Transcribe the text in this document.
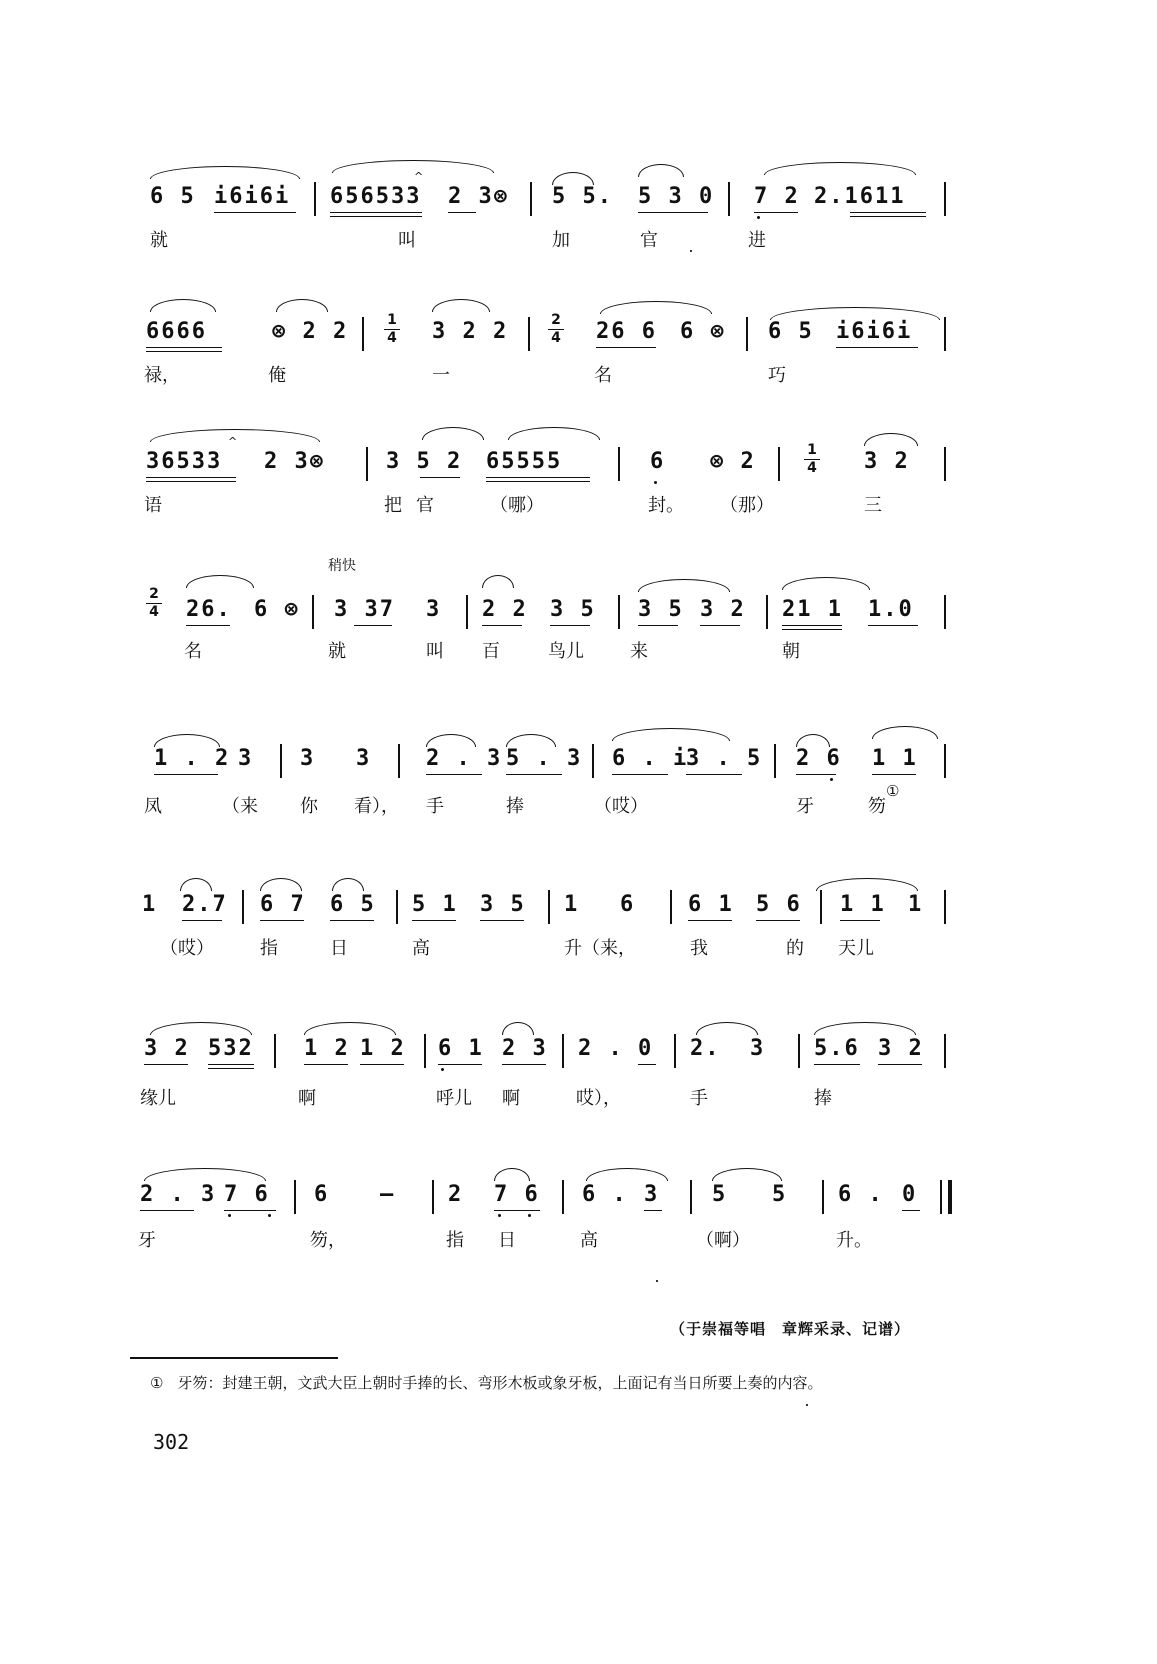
6 5 i6i6i 656533
^
2 3⊗ 5 5. 5 3 0 7 2 2.1611
就	叫	加	官	进
6666	⊗ 2 2	1
4 3 2 2	2
4 26 6 6 ⊗ 6 5 i6i6i
禄，	俺	一	名	巧
36533
^
2 3⊗	3 5 2 65555	6 ⊗ 2	1
4 3 2
语	把 官	（哪）	封。 （那）	三
稍快
2
4 26. 6 ⊗ 3 37 3 2 2 3 5 3 5 3 2 21 1 1.0
名	就	叫 百	鸟儿	来	朝
1 . 2 3 3 3 2 . 3 5 . 3 6 . i
3 . 5 2 6 1 1
凤	（来 你 看）， 手	捧	（哎）	牙	笏
①
1 2.7 6 7 6 5 5 1 3 5 1 6 6 1 5 6 1 1 1
（哎）	指	日	高	升（来，	我	的 天儿
3 2 532 1 2 1 2 6 1 2 3 2 . 0 2. 3 5.6 3 2
缘儿	啊	呼儿 啊	哎），	手	捧
2 . 3 7 6 6 – 2 7 6 6 . 3 5 5 6 . 0
牙	笏，	指 日	高	（啊）	升。
（于崇福等唱　章辉采录、记谱）
① 牙笏：封建王朝，文武大臣上朝时手捧的长、弯形木板或象牙板，上面记有当日所要上奏的内容。
302
